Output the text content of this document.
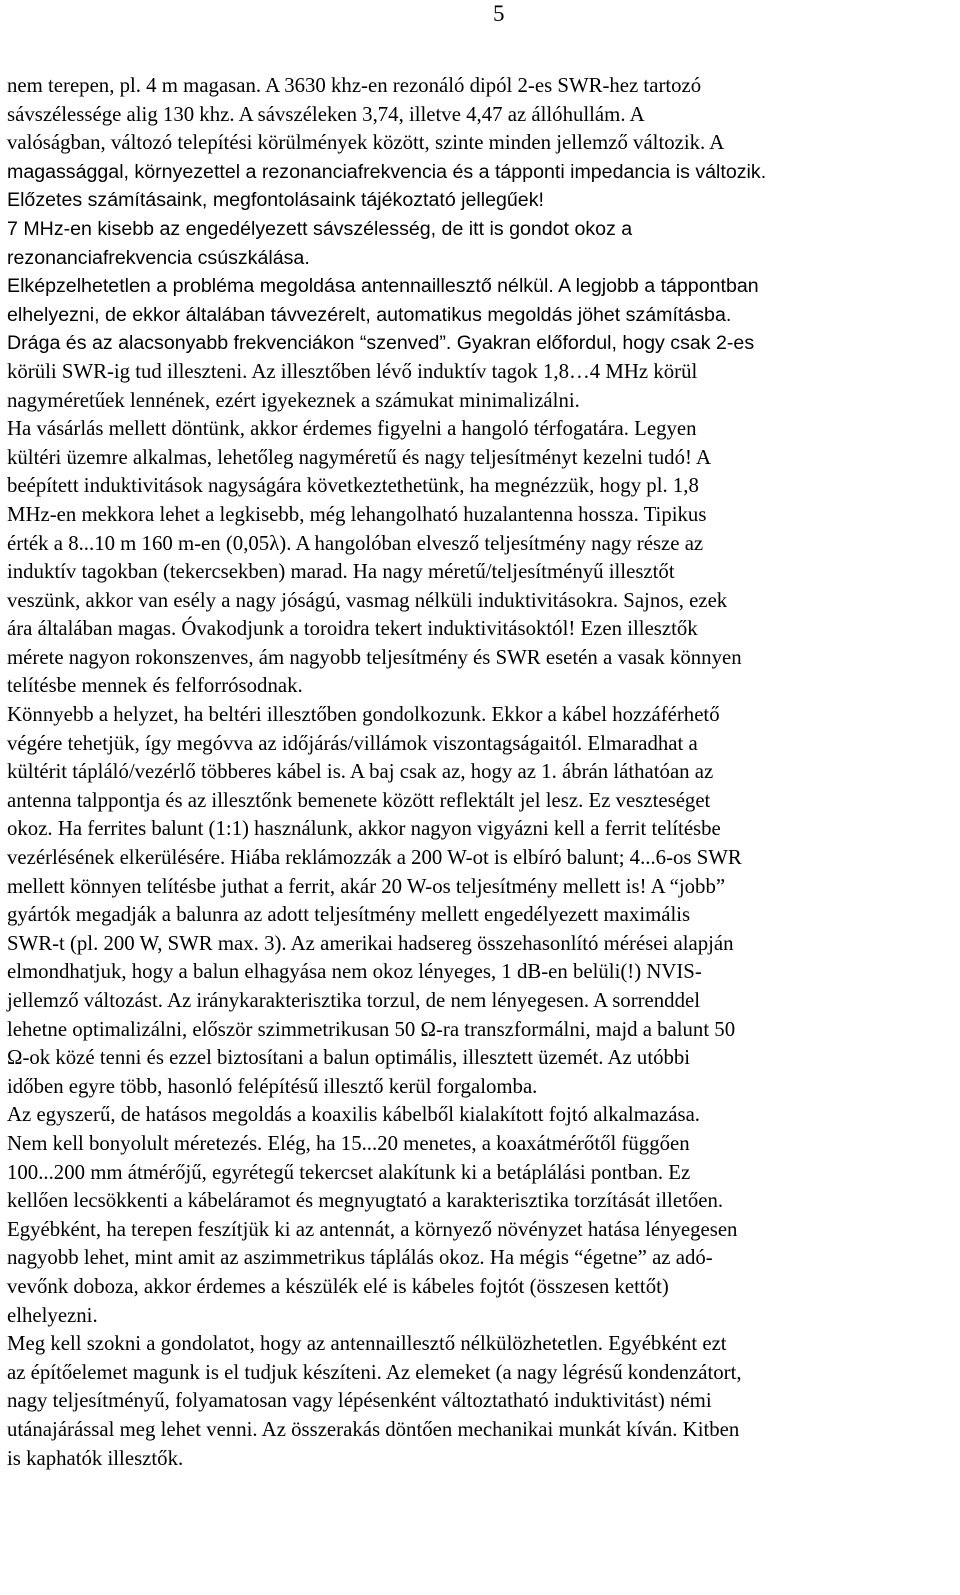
5
nem terepen, pl. 4 m magasan. A 3630 khz-en rezonáló dipól 2-es SWR-hez tartozó
sávszélessége alig 130 khz. A sávszéleken 3,74, illetve 4,47 az állóhullám. A
valóságban, változó telepítési körülmények között, szinte minden jellemző változik. A
magassággal, környezettel a rezonanciafrekvencia és a tápponti impedancia is változik.
Előzetes számításaink, megfontolásaink tájékoztató jellegűek!
7 MHz-en kisebb az engedélyezett sávszélesség, de itt is gondot okoz a
rezonanciafrekvencia csúszkálása.
Elképzelhetetlen a probléma megoldása antennaillesztő nélkül. A legjobb a táppontban
elhelyezni, de ekkor általában távvezérelt, automatikus megoldás jöhet számításba.
Drága és az alacsonyabb frekvenciákon “szenved”. Gyakran előfordul, hogy csak 2-es
körüli SWR-ig tud illeszteni. Az illesztőben lévő induktív tagok 1,8…4 MHz körül
nagyméretűek lennének, ezért igyekeznek a számukat minimalizálni.
Ha vásárlás mellett döntünk, akkor érdemes figyelni a hangoló térfogatára. Legyen
kültéri üzemre alkalmas, lehetőleg nagyméretű és nagy teljesítményt kezelni tudó! A
beépített induktivitások nagyságára következtethetünk, ha megnézzük, hogy pl. 1,8
MHz-en mekkora lehet a legkisebb, még lehangolható huzalantenna hossza. Tipikus
érték a 8...10 m 160 m-en (0,05λ). A hangolóban elvesző teljesítmény nagy része az
induktív tagokban (tekercsekben) marad. Ha nagy méretű/teljesítményű illesztőt
veszünk, akkor van esély a nagy jóságú, vasmag nélküli induktivitásokra. Sajnos, ezek
ára általában magas. Óvakodjunk a toroidra tekert induktivitásoktól! Ezen illesztők
mérete nagyon rokonszenves, ám nagyobb teljesítmény és SWR esetén a vasak könnyen
telítésbe mennek és felforrósodnak.
Könnyebb a helyzet, ha beltéri illesztőben gondolkozunk. Ekkor a kábel hozzáférhető
végére tehetjük, így megóvva az időjárás/villámok viszontagságaitól. Elmaradhat a
kültérit tápláló/vezérlő többeres kábel is. A baj csak az, hogy az 1. ábrán láthatóan az
antenna talppontja és az illesztőnk bemenete között reflektált jel lesz. Ez veszteséget
okoz. Ha ferrites balunt (1:1) használunk, akkor nagyon vigyázni kell a ferrit telítésbe
vezérlésének elkerülésére. Hiába reklámozzák a 200 W-ot is elbíró balunt; 4...6-os SWR
mellett könnyen telítésbe juthat a ferrit, akár 20 W-os teljesítmény mellett is! A “jobb”
gyártók megadják a balunra az adott teljesítmény mellett engedélyezett maximális
SWR-t (pl. 200 W, SWR max. 3). Az amerikai hadsereg összehasonlító mérései alapján
elmondhatjuk, hogy a balun elhagyása nem okoz lényeges, 1 dB-en belüli(!) NVIS-
jellemző változást. Az iránykarakterisztika torzul, de nem lényegesen. A sorrenddel
lehetne optimalizálni, először szimmetrikusan 50 Ω-ra transzformálni, majd a balunt 50
Ω-ok közé tenni és ezzel biztosítani a balun optimális, illesztett üzemét. Az utóbbi
időben egyre több, hasonló felépítésű illesztő kerül forgalomba.
Az egyszerű, de hatásos megoldás a koaxilis kábelből kialakított fojtó alkalmazása.
Nem kell bonyolult méretezés. Elég, ha 15...20 menetes, a koaxátmérőtől függően
100...200 mm átmérőjű, egyrétegű tekercset alakítunk ki a betáplálási pontban. Ez
kellően lecsökkenti a kábeláramot és megnyugtató a karakterisztika torzítását illetően.
Egyébként, ha terepen feszítjük ki az antennát, a környező növényzet hatása lényegesen
nagyobb lehet, mint amit az aszimmetrikus táplálás okoz. Ha mégis “égetne” az adó-
vevőnk doboza, akkor érdemes a készülék elé is kábeles fojtót (összesen kettőt)
elhelyezni.
Meg kell szokni a gondolatot, hogy az antennaillesztő nélkülözhetetlen. Egyébként ezt
az építőelemet magunk is el tudjuk készíteni. Az elemeket (a nagy légrésű kondenzátort,
nagy teljesítményű, folyamatosan vagy lépésenként változtatható induktivitást) némi
utánajárással meg lehet venni. Az összerakás döntően mechanikai munkát kíván. Kitben
is kaphatók illesztők.
